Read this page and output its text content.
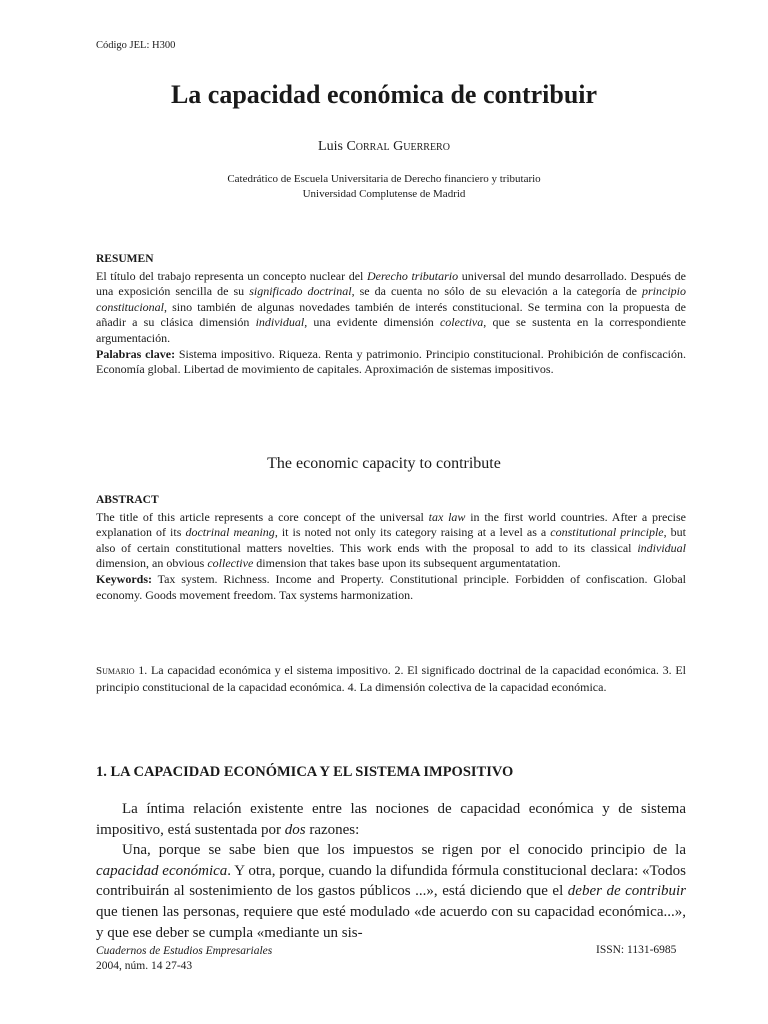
Código JEL: H300
La capacidad económica de contribuir
Luis Corral Guerrero
Catedrático de Escuela Universitaria de Derecho financiero y tributario
Universidad Complutense de Madrid
RESUMEN

El título del trabajo representa un concepto nuclear del Derecho tributario universal del mundo desarrollado. Después de una exposición sencilla de su significado doctrinal, se da cuenta no sólo de su elevación a la categoría de principio constitucional, sino también de algunas novedades también de interés constitucional. Se termina con la propuesta de añadir a su clásica dimensión individual, una evidente dimensión colectiva, que se sustenta en la correspondiente argumentación.

Palabras clave: Sistema impositivo. Riqueza. Renta y patrimonio. Principio constitucional. Prohibición de confiscación. Economía global. Libertad de movimiento de capitales. Aproximación de sistemas impositivos.

The economic capacity to contribute
ABSTRACT

The title of this article represents a core concept of the universal tax law in the first world countries. After a precise explanation of its doctrinal meaning, it is noted not only its category raising at a level as a constitutional principle, but also of certain constitutional matters novelties. This work ends with the proposal to add to its classical individual dimension, an obvious collective dimension that takes base upon its subsequent argumentatation.

Keywords: Tax system. Richness. Income and Property. Constitutional principle. Forbidden of confiscation. Global economy. Goods movement freedom. Tax systems harmonization.

Sumario 1. La capacidad económica y el sistema impositivo. 2. El significado doctrinal de la capacidad económica. 3. El principio constitucional de la capacidad económica. 4. La dimensión colectiva de la capacidad económica.
1. LA CAPACIDAD ECONÓMICA Y EL SISTEMA IMPOSITIVO

La íntima relación existente entre las nociones de capacidad económica y de sistema impositivo, está sustentada por dos razones:

Una, porque se sabe bien que los impuestos se rigen por el conocido principio de la capacidad económica. Y otra, porque, cuando la difundida fórmula constitucional declara: «Todos contribuirán al sostenimiento de los gastos públicos ...», está diciendo que el deber de contribuir que tienen las personas, requiere que esté modulado «de acuerdo con su capacidad económica...», y que ese deber se cumpla «mediante un sis-

Cuadernos de Estudios Empresariales
2004, núm. 14 27-43
ISSN: 1131-6985
